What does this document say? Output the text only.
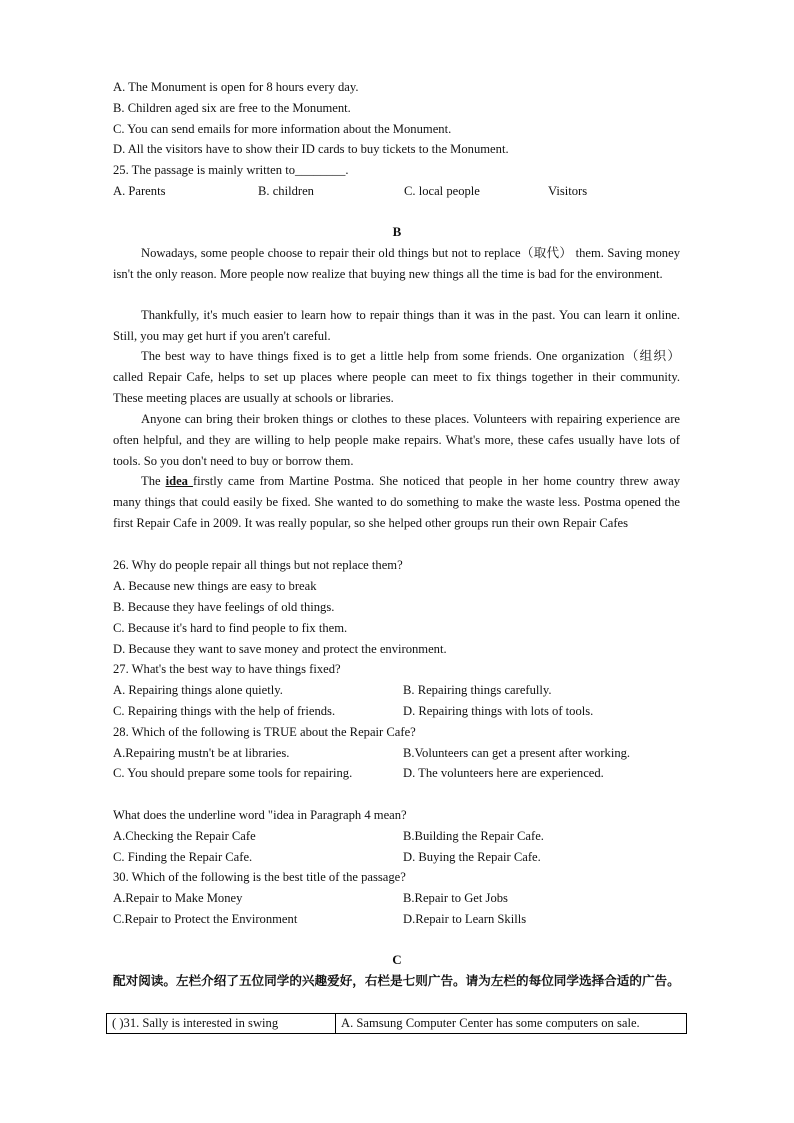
A. The Monument is open for 8 hours every day.
B. Children aged six are free to the Monument.
C. You can send emails for more information about the Monument.
D. All the visitors have to show their ID cards to buy tickets to the Monument.
25. The passage is mainly written to________.
A. Parents	B. children	C. local people	Visitors
B

Nowadays, some people choose to repair their old things but not to replace（取代） them. Saving money isn't the only reason. More people now realize that buying new things all the time is bad for the environment.

Thankfully, it's much easier to learn how to repair things than it was in the past. You can learn it online. Still, you may get hurt if you aren't careful.

The best way to have things fixed is to get a little help from some friends. One organization（组织） called Repair Cafe, helps to set up places where people can meet to fix things together in their community. These meeting places are usually at schools or libraries.

Anyone can bring their broken things or clothes to these places. Volunteers with repairing experience are often helpful, and they are willing to help people make repairs. What's more, these cafes usually have lots of tools. So you don't need to buy or borrow them.

The idea firstly came from Martine Postma. She noticed that people in her home country threw away many things that could easily be fixed. She wanted to do something to make the waste less. Postma opened the first Repair Cafe in 2009. It was really popular, so she helped other groups run their own Repair Cafes

26. Why do people repair all things but not replace them?
A. Because new things are easy to break
B. Because they have feelings of old things.
C. Because it's hard to find people to fix them.
D. Because they want to save money and protect the environment.
27. What's the best way to have things fixed?
A. Repairing things alone quietly.	B. Repairing things carefully.
C. Repairing things with the help of friends.	D. Repairing things with lots of tools.
28. Which of the following is TRUE about the Repair Cafe?
A.Repairing mustn't be at libraries.	B.Volunteers can get a present after working.
C. You should prepare some tools for repairing.	D. The volunteers here are experienced.
What does the underline word "idea in Paragraph 4 mean?
A.Checking the Repair Cafe	B.Building the Repair Cafe.
C. Finding the Repair Cafe.	D. Buying the Repair Cafe.
30. Which of the following is the best title of the passage?
A.Repair to Make Money	B.Repair to Get Jobs
C.Repair to Protect the Environment	D.Repair to Learn Skills
C

配对阅读。左栏介绍了五位同学的兴趣爱好，右栏是七则广告。请为左栏的每位同学选择合适的广告。

( )31. Sally is interested in swing	A. Samsung Computer Center has some computers on sale.
